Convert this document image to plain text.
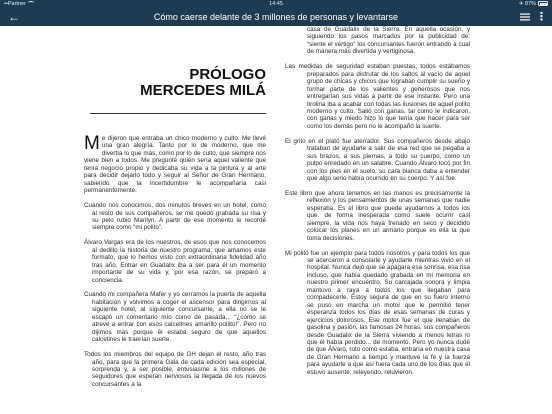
••Partner	14:45	✈ 87%
←	Cómo caerse delante de 3 millones de personas y levantarse	⋮
PRÓLOGO
MERCEDES MILÁ

Me dijeron que entraba un chico moderno y culto. Me llevé una gran alegría. Tanto por lo de moderno, que me divertía lo que más, como por lo de culto, que siempre nos viene bien a todos. Me pregunté quién sería aquel valiente que tenía negocio propio y dedicaba su vida a la pintura y al arte para decidir dejarlo todo y seguir al Señor de Gran Hermano, sabiendo que la incertidumbre le acompañaría casi permanentemente.

Cuando nos conocimos, dos minutos breves en un hotel, como al resto de sus compañeros, se me quedó grabada su risa y su pelo rubio Marilyn. A partir de ese momento le recordé siempre como “mi polito”.

Álvaro Vargas era de los nuestros, de esos que nos conocemos al dedillo la historia de nuestro programa; que amamos este formato, que lo hemos visto con extraordinaria fidelidad año tras año. Entrar en Guadalix iba a ser para él un momento importante de su vida y, por esa razón, se preparó a conciencia.

Cuando mi compañera Mafer y yo cerramos la puerta de aquella habitación y volvimos a coger el ascensor para dirigirnos al siguiente hotel, al siguiente concursante, a ella no se le escapó un comentario mío como de pasada... “¿cómo se atreve a entrar con esos calcetines amarillo pollito!”. Pero no dijimos más porque él estaba seguro de que aquellos calcetines le traerían suerte.

Todos los miembros del equipo de GH dejan el resto, año tras año, para que la primera Gala de cada edición sea especial, sorprenda y, a ser posible, entusiasme a los millones de seguidores que esperan nerviosos la llegada de los nuevos concursantes a la

casa de Guadalix de la Sierra. En aquella ocasión, y siguiendo los pasos marcados por la publicidad de: “siente el vértigo” los concursantes fueron entrando a cual de manera más divertida y vertiginosa.

Las medidas de seguridad estaban puestas, todos estábamos preparados para disfrutar de los saltos al vacío de aquel grupo de chicas y chicos que lograban cumplir su sueño y formar parte de los valientes y generosos que nos entregarían sus vidas a partir de ese instante. Pero una tirolina iba a acabar con todas las ilusiones de aquel polito moderno y culto. Salió con ganas, tal como le indicaron, con ganas y miedo hizo lo que tenía que hacer para ser como los demás pero no le acompañó la suerte.

El grito en el plató fue aterrador. Sus compañeros desde abajo trataban de ayudarle a salir de esa red que se pegaba a sus brazos, a sus piernas, a todo su cuerpo, como un pulpo enredado en un salabre. Cuando Álvaro tocó por fin con los pies en el suelo, su cara blanca daba a entender que algo serio había ocurrido en su cuerpo. Y así fue.

Este libro que ahora tenemos en las manos es precisamente la reflexión y los pensamientos de unas semanas que nadie esperaba. Es el libro que puede ayudarnos a todos los que, de forma inesperada como suele ocurrir casi siempre, la vida nos haya frenado en seco y decidido colocar los planes en un armario porque es ella la que toma decisiones.

Mi polito fue un ejemplo para todos nosotros y para todos los que se acercaron a consolarle y ayudarle mientras vivió en el hospital. Nunca dejó que se apagara esa sonrisa, esa risa incluso, que había quedado grabada en mi memoria en nuestro primer encuentro. Su carcajada sonora y limpia mantuvo a raya a todos los que llegaban para compadecerle. Estoy segura de que en su fuero interno se puso en marcha un motor que le permitió tener esperanza todos los días de esas semanas de curas y ejercicios dolorosos. Ese motor fue el que llenaban de gasolina y pasión, las famosas 24 horas, sus compañeros desde Guadalix de la Sierra viviendo a menos letras lo que él había perdido... de momento. Pero yo nunca dudé de que Álvaro, roto como estaba, entraría en nuestra casa de Gran Hermano a tiempo y mantuve la fe y la fuerza para ayudarle a que así fuera cada uno de los días que él estuvo ausente, releyendo, reluvieron.
